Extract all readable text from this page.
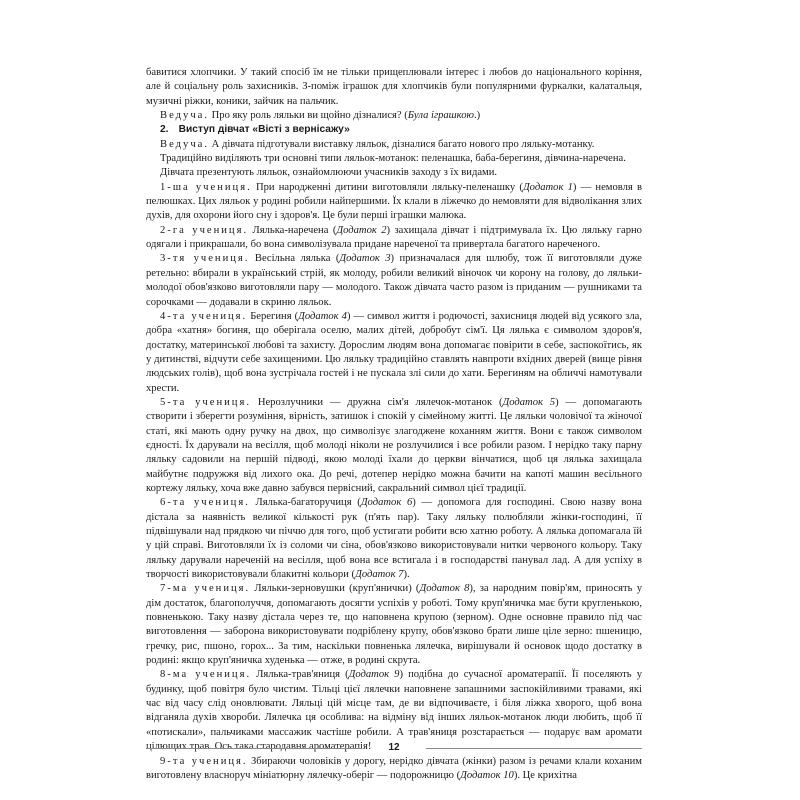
бавитися хлопчики. У такий спосіб їм не тільки прищеплювали інтерес і любов до національного коріння, але й соціальну роль захисників. З-поміж іграшок для хлопчиків були популярними фуркалки, калатальця, музичні ріжки, коники, зайчик на пальчик.

Ведуча. Про яку роль ляльки ви щойно дізналися? (Була іграшкою.)

2. Виступ дівчат «Вісті з вернісажу»

Ведуча. А дівчата підготували виставку ляльок, дізналися багато нового про ляльку-мотанку.

Традиційно виділяють три основні типи ляльок-мотанок: пеленашка, баба-берегиня, дівчина-наречена.

Дівчата презентують ляльок, ознайомлюючи учасників заходу з їх видами.

1-ша учениця. При народженні дитини виготовляли ляльку-пеленашку (Додаток 1) — немовля в пелюшках. Цих ляльок у родині робили найпершими. Їх клали в ліжечко до немовляти для відволікання злих духів, для охорони його сну і здоров'я. Це були перші іграшки малюка.

2-га учениця. Лялька-наречена (Додаток 2) захищала дівчат і підтримувала їх. Цю ляльку гарно одягали і прикрашали, бо вона символізувала придане нареченої та привертала багатого нареченого.

3-тя учениця. Весільна лялька (Додаток 3) призначалася для шлюбу, тож її виготовляли дуже ретельно: вбирали в український стрій, як молоду, робили великий віночок чи корону на голову, до ляльки-молодої обов'язково виготовляли пару — молодого. Також дівчата часто разом із приданим — рушниками та сорочками — додавали в скриню ляльок.

4-та учениця. Берегиня (Додаток 4) — символ життя і родючості, захисниця людей від усякого зла, добра «хатня» богиня, що оберігала оселю, малих дітей, добробут сім'ї. Ця лялька є символом здоров'я, достатку, материнської любові та захисту. Дорослим людям вона допомагає повірити в себе, заспокоїтись, як у дитинстві, відчути себе захищеними. Цю ляльку традиційно ставлять навпроти вхідних дверей (вище рівня людських голів), щоб вона зустрічала гостей і не пускала злі сили до хати. Берегиням на обличчі намотували хрести.

5-та учениця. Нерозлучники — дружна сім'я лялечок-мотанок (Додаток 5) — допомагають створити і зберегти розуміння, вірність, затишок і спокій у сімейному житті. Це ляльки чоловічої та жіночої статі, які мають одну ручку на двох, що символізує злагоджене коханням життя. Вони є також символом єдності. Їх дарували на весілля, щоб молоді ніколи не розлучилися і все робили разом. І нерідко таку парну ляльку садовили на першій підводі, якою молоді їхали до церкви вінчатися, щоб ця лялька захищала майбутнє подружжя від лихого ока. До речі, дотепер нерідко можна бачити на капоті машин весільного кортежу ляльку, хоча вже давно забувся первісний, сакральний символ цієї традиції.

6-та учениця. Лялька-багаторучиця (Додаток 6) — допомога для господині. Свою назву вона дістала за наявність великої кількості рук (п'ять пар). Таку ляльку полюбляли жінки-господині, її підвішували над прядкою чи піччю для того, щоб устигати робити всю хатню роботу. А лялька допомагала їй у цій справі. Виготовляли їх із соломи чи сіна, обов'язково використовували нитки червоного кольору. Таку ляльку дарували нареченій на весілля, щоб вона все встигала і в господарстві панувал лад. А для успіху в творчості використовували блакитні кольори (Додаток 7).

7-ма учениця. Ляльки-зерновушки (круп'янички) (Додаток 8), за народним повір'ям, приносять у дім достаток, благополуччя, допомагають досягти успіхів у роботі. Тому круп'яничка має бути кругленькою, повненькою. Таку назву дістала через те, що наповнена крупою (зерном). Одне основне правило під час виготовлення — заборона використовувати подріблену крупу, обов'язково брати лише ціле зерно: пшеницю, гречку, рис, пшоно, горох... За тим, наскільки повненька лялечка, вирішували й основок щодо достатку в родині: якщо круп'яничка худенька — отже, в родині скрута.

8-ма учениця. Лялька-трав'яниця (Додаток 9) подібна до сучасної ароматерапії. Її поселяють у будинку, щоб повітря було чистим. Тільці цієї лялечки наповнене запашними заспокійливими травами, які час від часу слід оновлювати. Ляльці цій місце там, де ви відпочиваєте, і біля ліжка хворого, щоб вона відганяла духів хвороби. Лялечка ця особлива: на відміну від інших ляльок-мотанок люди любить, щоб її «потискали», пальчиками массажик частіше робили. А трав'яниця розстарається — подарує вам аромати цілющих трав. Ось така стародавня ароматерапія!

9-та учениця. Збираючи чоловіків у дорогу, нерідко дівчата (жінки) разом із речами клали коханим виготовлену власноруч мініатюрну лялечку-оберіг — подорожницю (Додаток 10). Це крихітна

12
